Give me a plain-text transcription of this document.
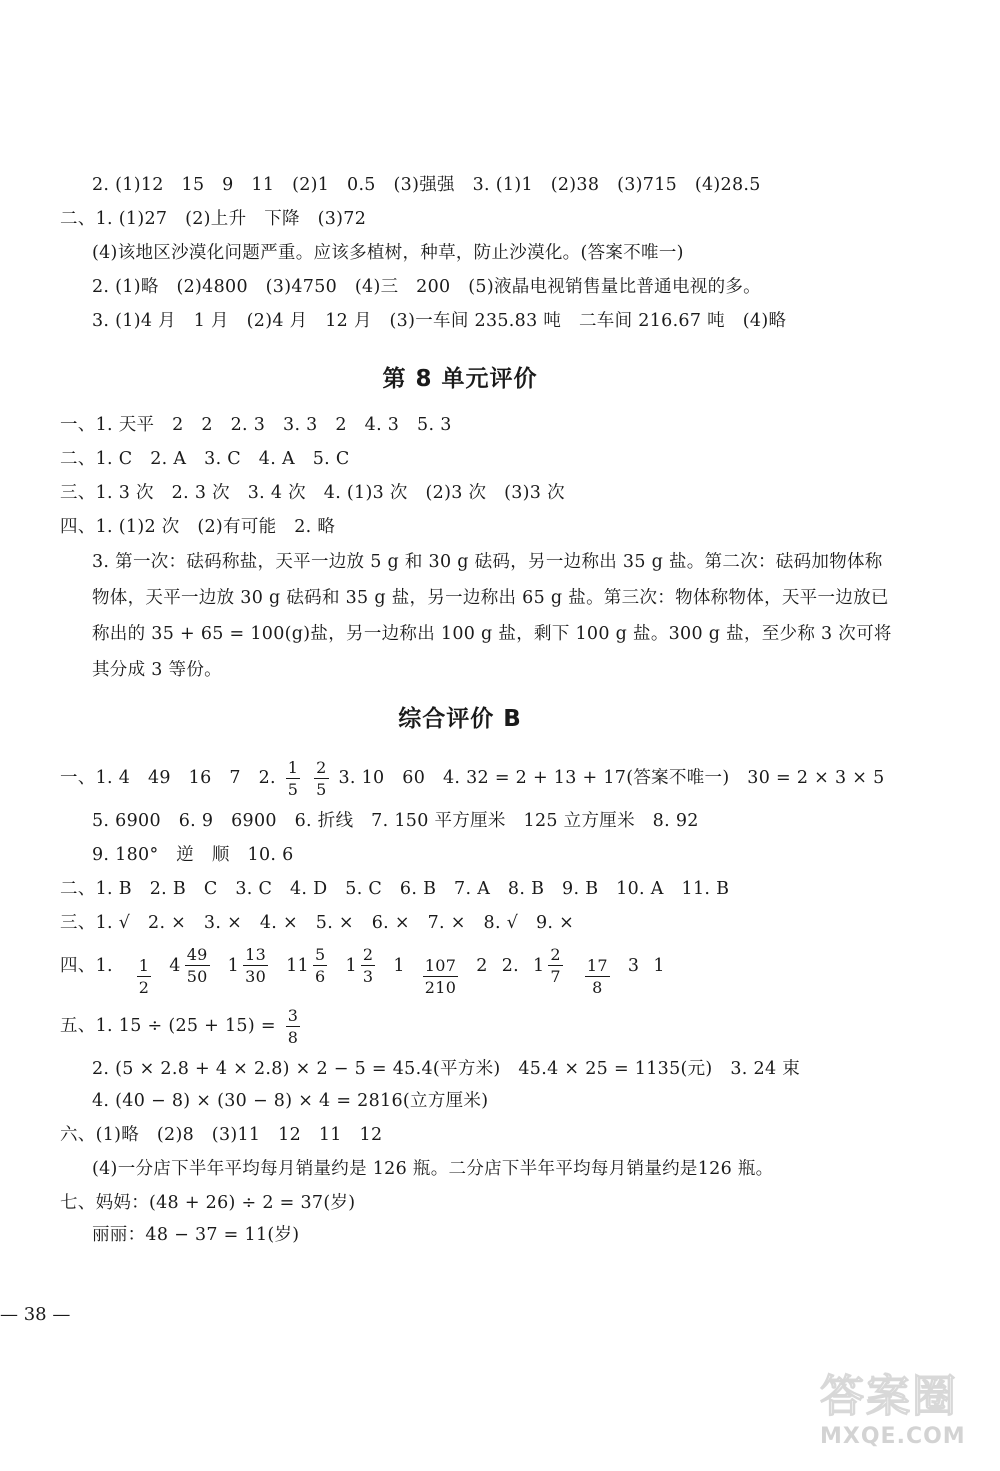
2. (1)12　15　9　11　(2)1　0.5　(3)强强　3. (1)1　(2)38　(3)715　(4)28.5
二、1. (1)27　(2)上升　下降　(3)72
(4)该地区沙漠化问题严重。应该多植树，种草，防止沙漠化。(答案不唯一)
2. (1)略　(2)4800　(3)4750　(4)三　200　(5)液晶电视销售量比普通电视的多。
3. (1)4 月　1 月　(2)4 月　12 月　(3)一车间 235.83 吨　二车间 216.67 吨　(4)略
第 8 单元评价
一、1. 天平　2　2　2. 3　3. 3　2　4. 3　5. 3
二、1. C　2. A　3. C　4. A　5. C
三、1. 3 次　2. 3 次　3. 4 次　4. (1)3 次　(2)3 次　(3)3 次
四、1. (1)2 次　(2)有可能　2. 略
3. 第一次：砝码称盐，天平一边放 5 g 和 30 g 砝码，另一边称出 35 g 盐。第二次：砝码加物体称物体，天平一边放 30 g 砝码和 35 g 盐，另一边称出 65 g 盐。第三次：物体称物体，天平一边放已称出的 35 + 65 = 100(g)盐，另一边称出 100 g 盐，剩下 100 g 盐。300 g 盐，至少称 3 次可将其分成 3 等份。
综合评价 B
一、1. 4　49　16　7　2. $\frac{1}{5}$
$\frac{2}{5} 3$. 10　60　4. 32 = 2 + 13 + 17(答案不唯一)　30 = 2 × 3 × 5
5. 6900　6. 9　6900　6. 折线　7. 150 平方厘米　125 立方厘米　8. 92
9. 180°　逆　顺　10. 6
二、1. B　2. B　C　3. C　4. D　5. C　6. B　7. A　8. B　9. B　10. A　11. B
三、1. √　2. ×　3. ×　4. ×　5. ×　6. ×　7. ×　8. √　9. ×
四、1. $\frac{1}{2} 4 \frac{49}{50} 1 \frac{13}{30} 11 \frac{5}{6} 1 \frac{2}{3} 1 \frac{107}{210} 2$ 2. $1 \frac{2}{7} \frac{17}{8} 3$ 1
五、1. $15 \div (25 + 15) = \frac{3}{8}$
2. (5 × 2.8 + 4 × 2.8) × 2 − 5 = 45.4(平方米)　45.4 × 25 = 1135(元)　3. 24 束
4. (40 − 8) × (30 − 8) × 4 = 2816(立方厘米)
六、(1)略　(2)8　(3)11　12　11　12
(4)一分店下半年平均每月销量约是 126 瓶。二分店下半年平均每月销量约是126 瓶。
七、妈妈：(48 + 26) ÷ 2 = 37(岁)
丽丽：48 − 37 = 11(岁)
— 38 —
答案圈
MXQE.COM
